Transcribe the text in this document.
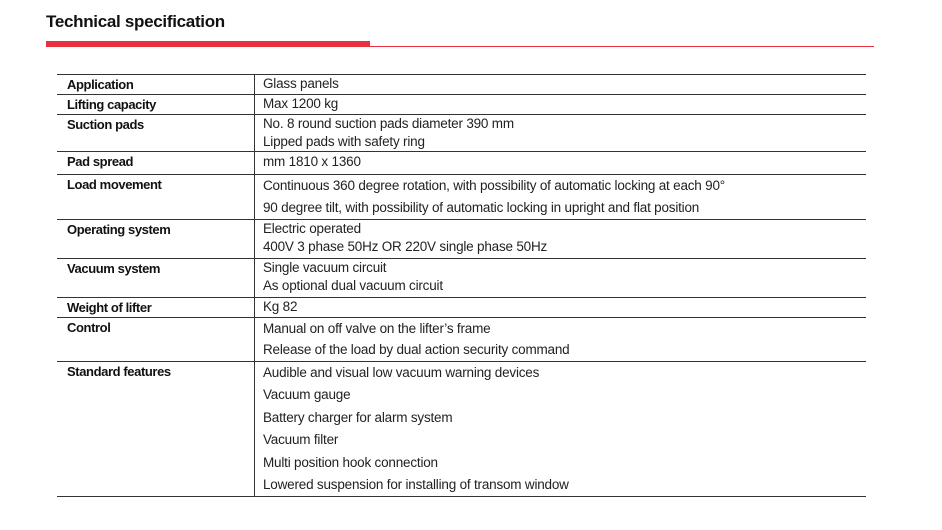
Technical specification
Application	Glass panels
Lifting capacity	Max 1200 kg
Suction pads	No. 8 round suction pads diameter 390 mm
Lipped pads with safety ring
Pad spread	mm 1810 x 1360
Load movement	Continuous 360 degree rotation, with possibility of automatic locking at each 90°
90 degree tilt, with possibility of automatic locking in upright and flat position
Operating system	Electric operated
400V 3 phase 50Hz OR 220V single phase 50Hz
Vacuum system	Single vacuum circuit
As optional dual vacuum circuit
Weight of lifter	Kg 82
Control	Manual on off valve on the lifter’s frame
Release of the load by dual action security command
Standard features	Audible and visual low vacuum warning devices
Vacuum gauge
Battery charger for alarm system
Vacuum filter
Multi position hook connection
Lowered suspension for installing of transom window
